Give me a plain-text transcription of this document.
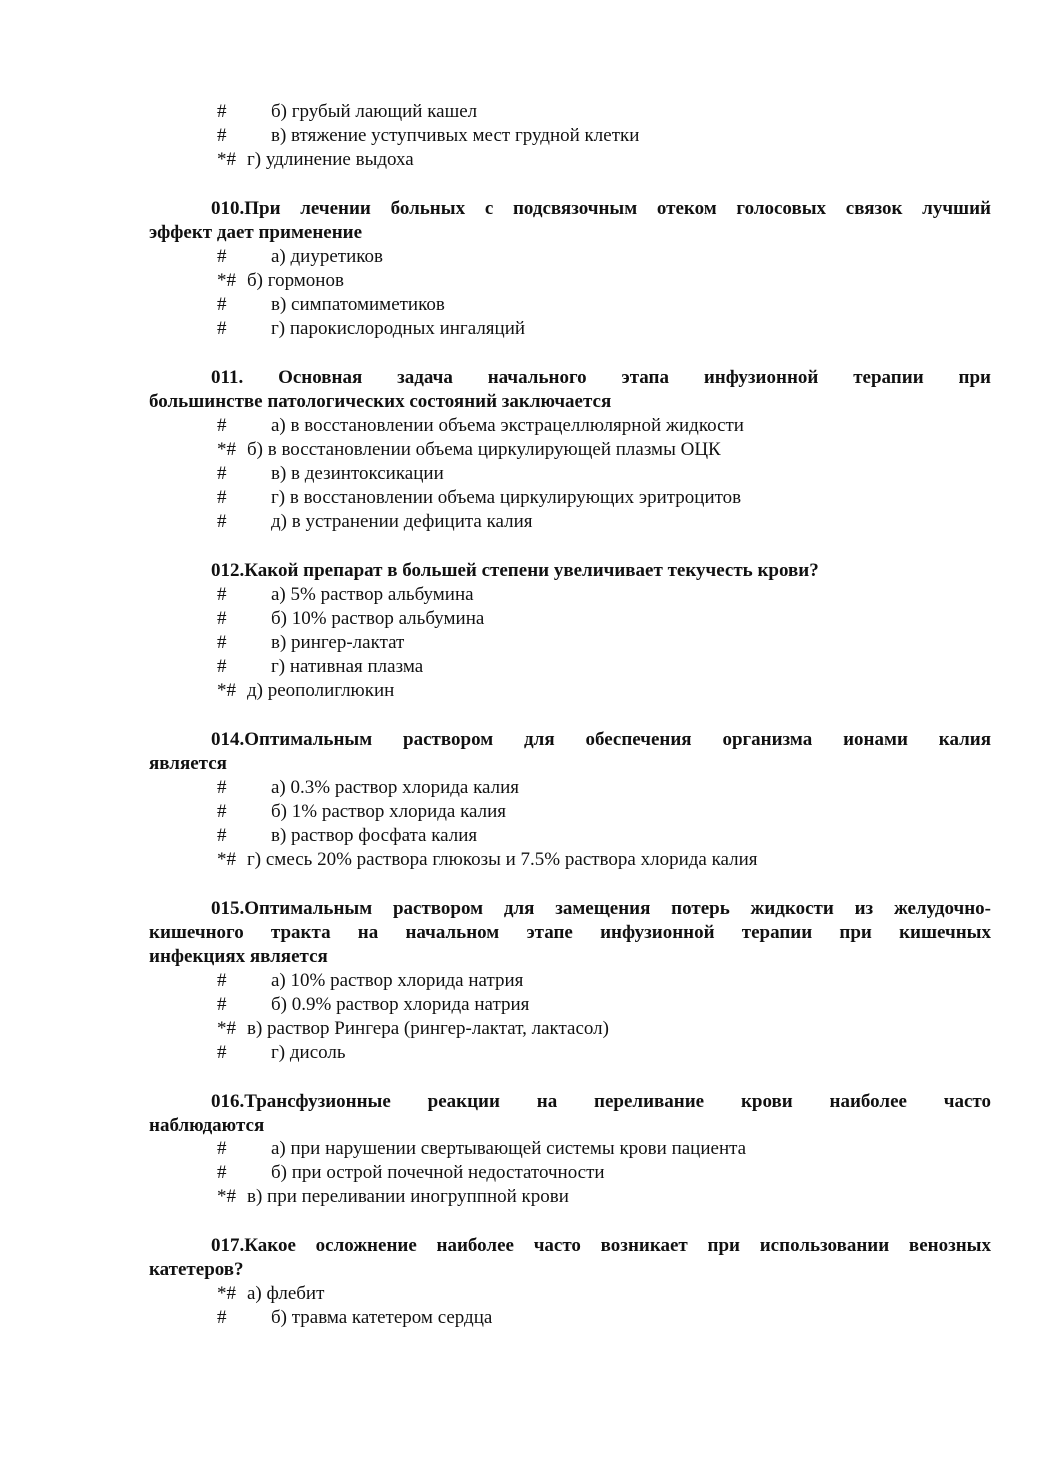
# б) грубый лающий кашел
# в) втяжение уступчивых мест грудной клетки
*# г) удлинение выдоха
010.При лечении больных с подсвязочным отеком голосовых связок лучший
эффект дает применение
# а) диуретиков
*# б) гормонов
# в) симпатомиметиков
# г) парокислородных ингаляций
011. Основная задача начального этапа инфузионной терапии при
большинстве патологических состояний заключается
# а) в восстановлении объема экстрацеллюлярной жидкости
*# б) в восстановлении объема циркулирующей плазмы ОЦК
# в) в дезинтоксикации
# г) в восстановлении объема циркулирующих эритроцитов
# д) в устранении дефицита калия
012.Какой препарат в большей степени увеличивает текучесть крови?
# а) 5% раствор альбумина
# б) 10% раствор альбумина
# в) рингер-лактат
# г) нативная плазма
*# д) реополиглюкин
014.Оптимальным раствором для обеспечения организма ионами калия
является
# а) 0.3% раствор хлорида калия
# б) 1% раствор хлорида калия
# в) раствор фосфата калия
*# г) смесь 20% раствора глюкозы и 7.5% раствора хлорида калия
015.Оптимальным раствором для замещения потерь жидкости из желудочно-
кишечного тракта на начальном этапе инфузионной терапии при кишечных
инфекциях является
# а) 10% раствор хлорида натрия
# б) 0.9% раствор хлорида натрия
*# в) раствор Рингера (рингер-лактат, лактасол)
# г) дисоль
016.Трансфузионные реакции на переливание крови наиболее часто
наблюдаются
# а) при нарушении свертывающей системы крови пациента
# б) при острой почечной недостаточности
*# в) при переливании иногруппной крови
017.Какое осложнение наиболее часто возникает при использовании венозных
катетеров?
*# а) флебит
# б) травма катетером сердца
